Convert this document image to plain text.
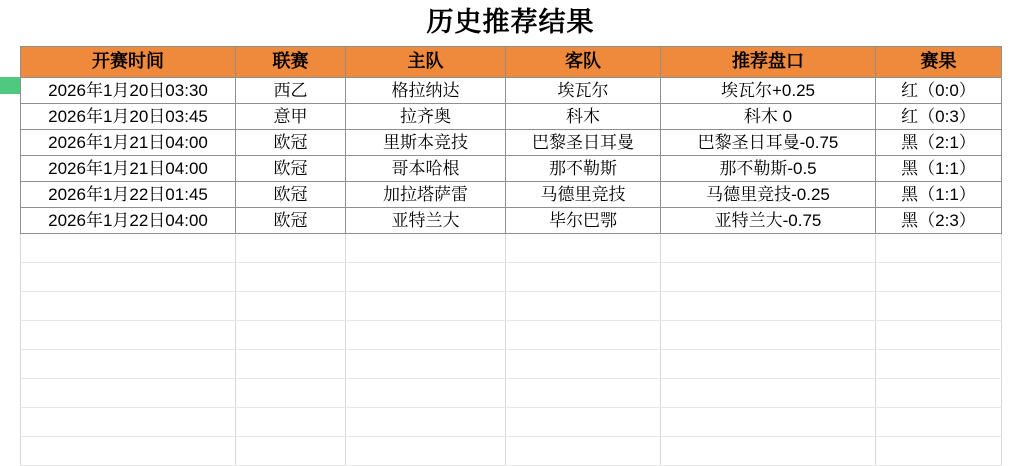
历史推荐结果
开赛时间	联赛	主队	客队	推荐盘口	赛果
2026年1月20日03:30	西乙	格拉纳达	埃瓦尔	埃瓦尔+0.25	红（0:0）
2026年1月20日03:45	意甲	拉齐奥	科木	科木 0	红（0:3）
2026年1月21日04:00	欧冠	里斯本竞技	巴黎圣日耳曼	巴黎圣日耳曼-0.75	黑（2:1）
2026年1月21日04:00	欧冠	哥本哈根	那不勒斯	那不勒斯-0.5	黑（1:1）
2026年1月22日01:45	欧冠	加拉塔萨雷	马德里竞技	马德里竞技-0.25	黑（1:1）
2026年1月22日04:00	欧冠	亚特兰大	毕尔巴鄂	亚特兰大-0.75	黑（2:3）
